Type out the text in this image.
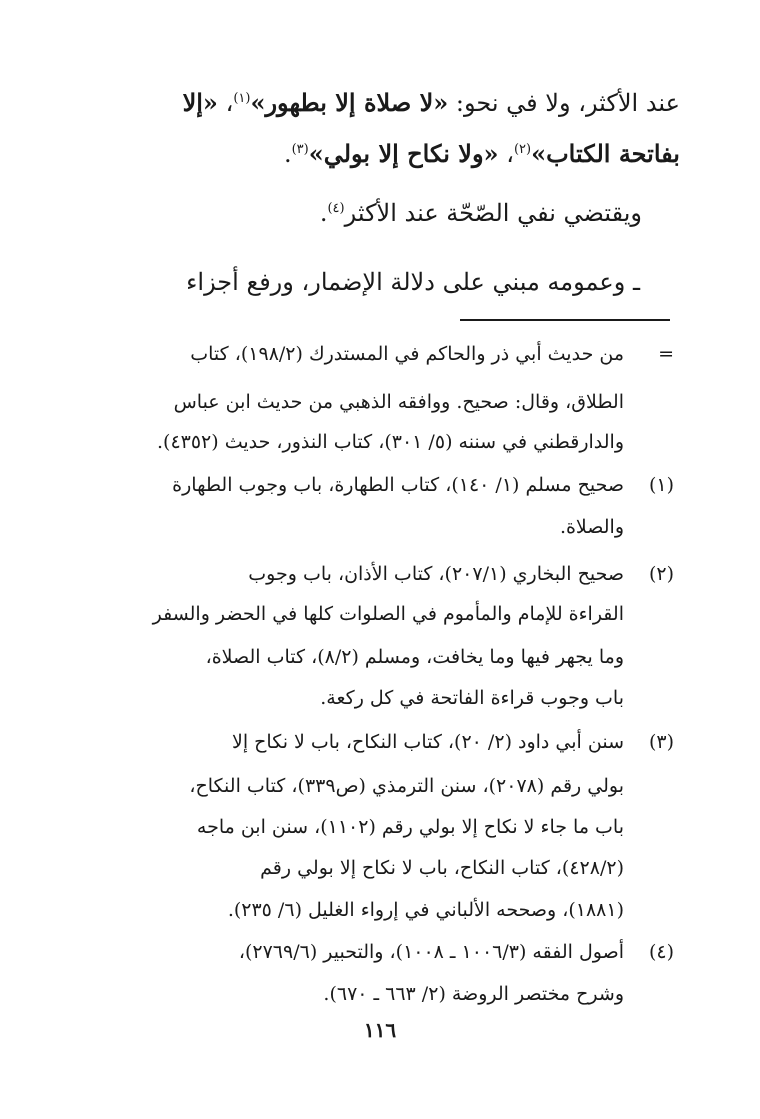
عند الأكثر، ولا في نحو: «لا صلاة إلا بطهور»$^{(١)}$، «إلا
بفاتحة الكتاب»$^{(٢)}$، «ولا نكاح إلا بولي»$^{(٣)}$.
ويقتضي نفي الصّحّة عند الأكثر$^{(٤)}$.
ـ وعمومه مبني على دلالة الإضمار، ورفع أجزاء
=
من حديث أبي ذر والحاكم في المستدرك (١٩٨/٢)، كتاب
الطلاق، وقال: صحيح. ووافقه الذهبي من حديث ابن عباس
والدارقطني في سننه (٥/ ٣٠١)، كتاب النذور، حديث (٤٣٥٢).
(١)
صحيح مسلم (١/ ١٤٠)، كتاب الطهارة، باب وجوب الطهارة
والصلاة.
(٢)
صحيح البخاري (٢٠٧/١)، كتاب الأذان، باب وجوب
القراءة للإمام والمأموم في الصلوات كلها في الحضر والسفر
وما يجهر فيها وما يخافت، ومسلم (٨/٢)، كتاب الصلاة،
باب وجوب قراءة الفاتحة في كل ركعة.
(٣)
سنن أبي داود (٢/ ٢٠)، كتاب النكاح، باب لا نكاح إلا
بولي رقم (٢٠٧٨)، سنن الترمذي (ص٣٣٩)، كتاب النكاح،
باب ما جاء لا نكاح إلا بولي رقم (١١٠٢)، سنن ابن ماجه
(٤٢٨/٢)، كتاب النكاح، باب لا نكاح إلا بولي رقم
(١٨٨١)، وصححه الألباني في إرواء الغليل (٦/ ٢٣٥).
(٤)
أصول الفقه (١٠٠٦/٣ ـ ١٠٠٨)، والتحبير (٢٧٦٩/٦)،
وشرح مختصر الروضة (٢/ ٦٦٣ ـ ٦٧٠).
١١٦
